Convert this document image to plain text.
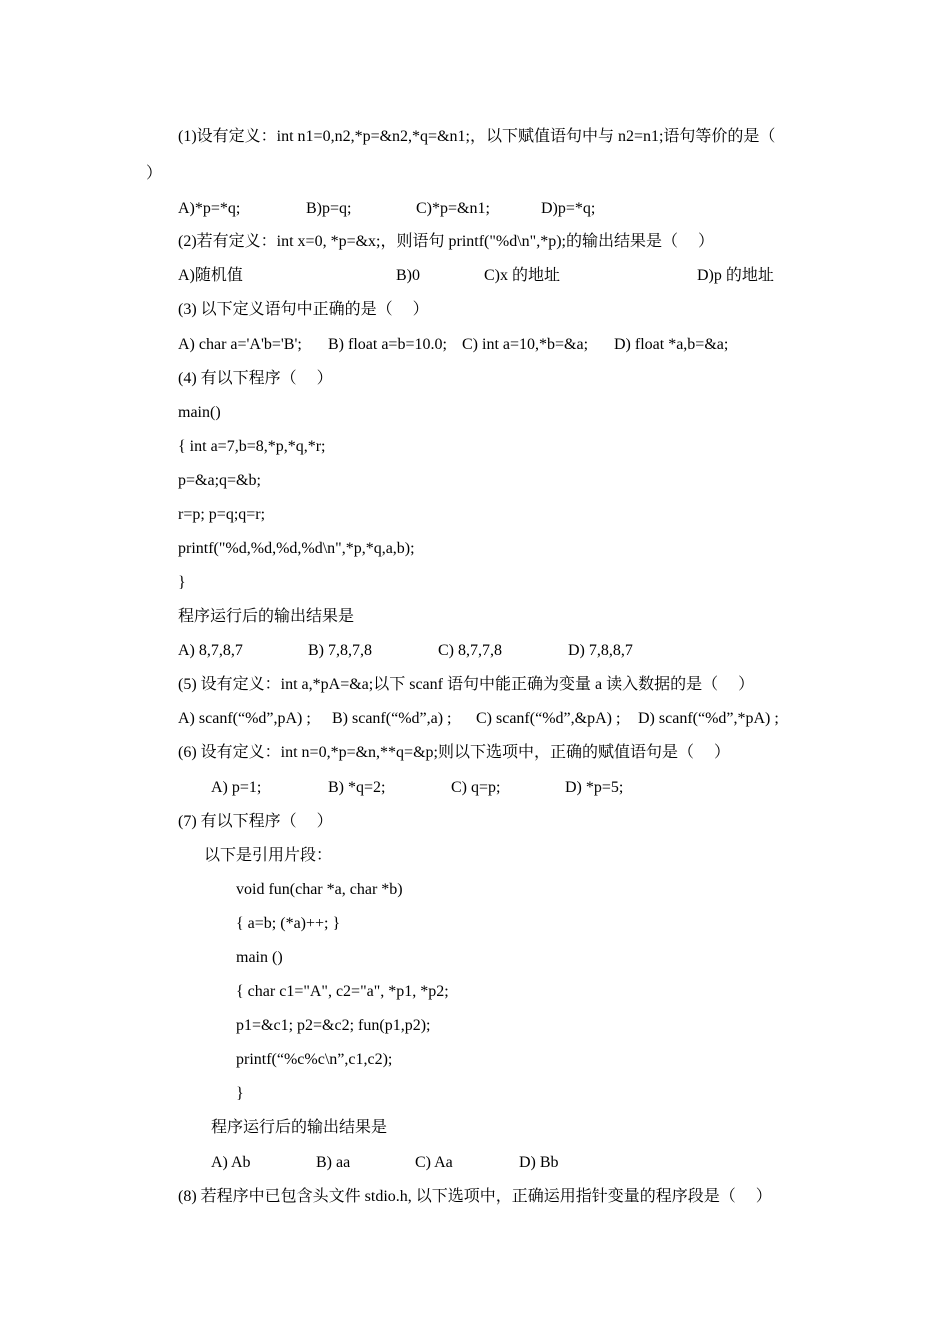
(1)设有定义：int n1=0,n2,*p=&n2,*q=&n1;，以下赋值语句中与 n2=n1;语句等价的是（
）
A)*p=*q;	B)p=q;	C)*p=&n1;	D)p=*q;
(2)若有定义：int x=0, *p=&x;，则语句 printf("%d\n",*p);的输出结果是（　 ）
A)随机值	B)0	C)x 的地址	D)p 的地址
(3) 以下定义语句中正确的是（　 ）
A) char a='A'b='B'; B) float a=b=10.0; C) int a=10,*b=&a; D) float *a,b=&a;
(4) 有以下程序（　 ）
main()
{ int a=7,b=8,*p,*q,*r;
p=&a;q=&b;
r=p; p=q;q=r;
printf("%d,%d,%d,%d\n",*p,*q,a,b);
}
程序运行后的输出结果是
A) 8,7,8,7	B) 7,8,7,8	C) 8,7,7,8	D) 7,8,8,7
(5) 设有定义：int a,*pA=&a;以下 scanf 语句中能正确为变量 a 读入数据的是（　 ）
A) scanf(“%d”,pA) ; B) scanf(“%d”,a) ; C) scanf(“%d”,&pA) ; D) scanf(“%d”,*pA) ;
(6) 设有定义：int n=0,*p=&n,**q=&p;则以下选项中，正确的赋值语句是（　 ）
A) p=1;	B) *q=2;	C) q=p;	D) *p=5;
(7) 有以下程序（　 ）
以下是引用片段：
void fun(char *a, char *b)
{ a=b; (*a)++; }
main ()
{ char c1="A", c2="a", *p1, *p2;
p1=&c1; p2=&c2; fun(p1,p2);
printf(“%c%c\n”,c1,c2);
}
程序运行后的输出结果是
A) Ab	B) aa	C) Aa	D) Bb
(8) 若程序中已包含头文件 stdio.h, 以下选项中，正确运用指针变量的程序段是（　 ）
